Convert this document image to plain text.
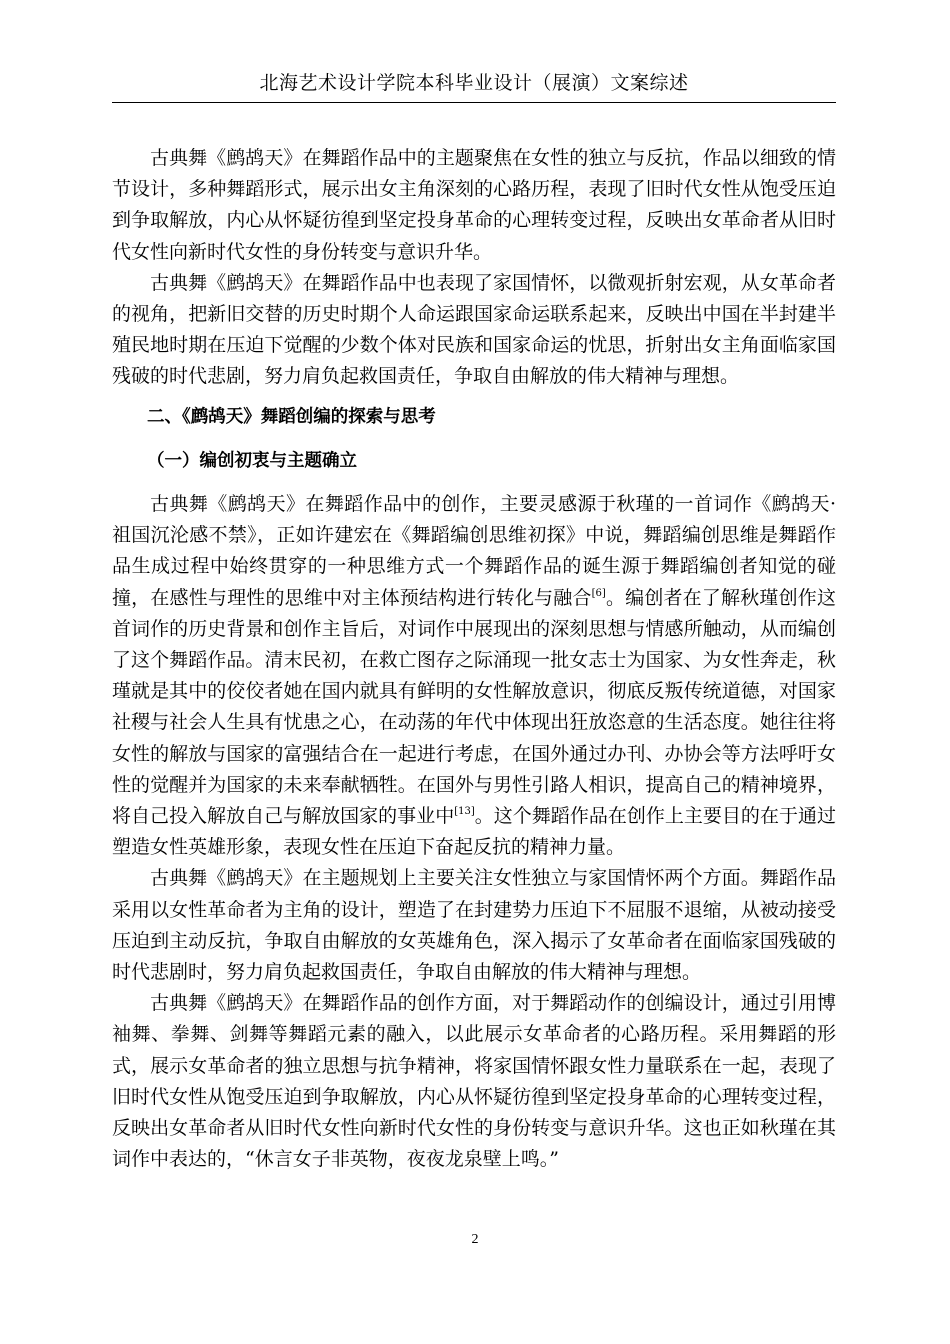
北海艺术设计学院本科毕业设计（展演）文案综述

古典舞《鹧鸪天》在舞蹈作品中的主题聚焦在女性的独立与反抗，作品以细致的情节设计，多种舞蹈形式，展示出女主角深刻的心路历程，表现了旧时代女性从饱受压迫到争取解放，内心从怀疑彷徨到坚定投身革命的心理转变过程，反映出女革命者从旧时代女性向新时代女性的身份转变与意识升华。

古典舞《鹧鸪天》在舞蹈作品中也表现了家国情怀，以微观折射宏观，从女革命者的视角，把新旧交替的历史时期个人命运跟国家命运联系起来，反映出中国在半封建半殖民地时期在压迫下觉醒的少数个体对民族和国家命运的忧思，折射出女主角面临家国残破的时代悲剧，努力肩负起救国责任，争取自由解放的伟大精神与理想。

二、《鹧鸪天》舞蹈创编的探索与思考
（一）编创初衷与主题确立

古典舞《鹧鸪天》在舞蹈作品中的创作，主要灵感源于秋瑾的一首词作《鹧鸪天·祖国沉沦感不禁》，正如许建宏在《舞蹈编创思维初探》中说，舞蹈编创思维是舞蹈作品生成过程中始终贯穿的一种思维方式一个舞蹈作品的诞生源于舞蹈编创者知觉的碰撞，在感性与理性的思维中对主体预结构进行转化与融合[6]。编创者在了解秋瑾创作这首词作的历史背景和创作主旨后，对词作中展现出的深刻思想与情感所触动，从而编创了这个舞蹈作品。清末民初，在救亡图存之际涌现一批女志士为国家、为女性奔走，秋瑾就是其中的佼佼者她在国内就具有鲜明的女性解放意识，彻底反叛传统道德，对国家社稷与社会人生具有忧患之心，在动荡的年代中体现出狂放恣意的生活态度。她往往将女性的解放与国家的富强结合在一起进行考虑，在国外通过办刊、办协会等方法呼吁女性的觉醒并为国家的未来奉献牺牲。在国外与男性引路人相识，提高自己的精神境界，将自己投入解放自己与解放国家的事业中[13]。这个舞蹈作品在创作上主要目的在于通过塑造女性英雄形象，表现女性在压迫下奋起反抗的精神力量。

古典舞《鹧鸪天》在主题规划上主要关注女性独立与家国情怀两个方面。舞蹈作品采用以女性革命者为主角的设计，塑造了在封建势力压迫下不屈服不退缩，从被动接受压迫到主动反抗，争取自由解放的女英雄角色，深入揭示了女革命者在面临家国残破的时代悲剧时，努力肩负起救国责任，争取自由解放的伟大精神与理想。

古典舞《鹧鸪天》在舞蹈作品的创作方面，对于舞蹈动作的创编设计，通过引用博袖舞、拳舞、剑舞等舞蹈元素的融入，以此展示女革命者的心路历程。采用舞蹈的形式，展示女革命者的独立思想与抗争精神，将家国情怀跟女性力量联系在一起，表现了旧时代女性从饱受压迫到争取解放，内心从怀疑彷徨到坚定投身革命的心理转变过程，反映出女革命者从旧时代女性向新时代女性的身份转变与意识升华。这也正如秋瑾在其词作中表达的，“休言女子非英物，夜夜龙泉壁上鸣。”

2
